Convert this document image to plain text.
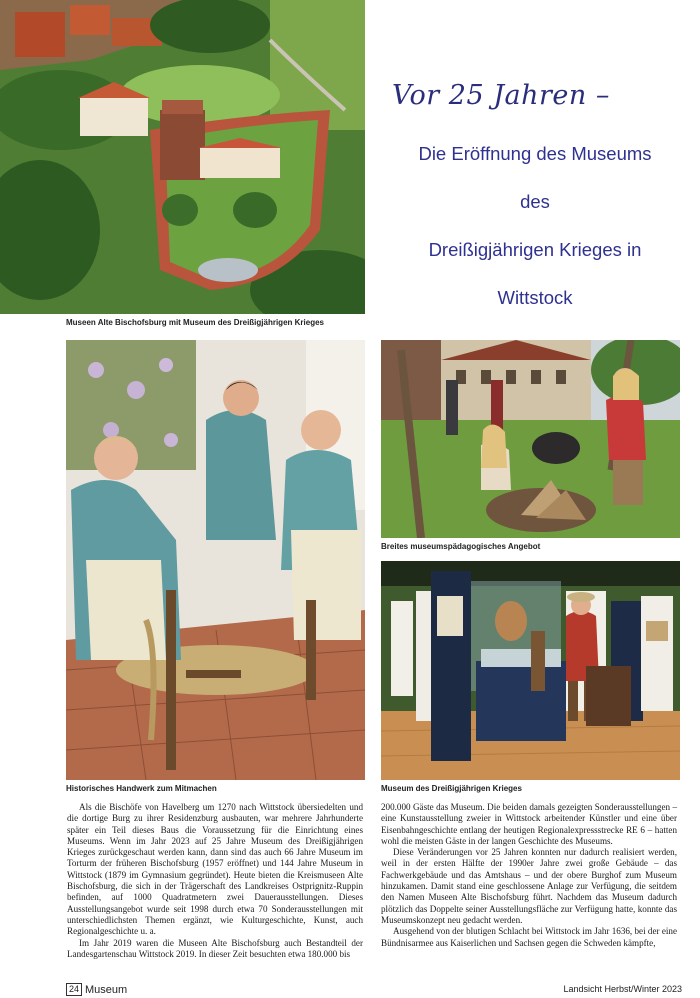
Museen Alte Bischofsburg mit Museum des Dreißigjährigen Krieges
Vor 25 Jahren –
Die Eröffnung des Museums
des
Dreißigjährigen Krieges in
Wittstock
Historisches Handwerk zum Mitmachen
Breites museumspädagogisches Angebot
Museum des Dreißigjährigen Krieges

Als die Bischöfe von Havelberg um 1270 nach Wittstock übersiedelten und die dortige Burg zu ihrer Residenzburg ausbauten, war mehrere Jahrhunderte später ein Teil dieses Baus die Voraussetzung für die Einrichtung eines Museums. Wenn im Jahr 2023 auf 25 Jahre Museum des Dreißigjährigen Krieges zurückgeschaut werden kann, dann sind das auch 66 Jahre Museum im Torturm der früheren Bischofsburg (1957 eröffnet) und 144 Jahre Museum in Wittstock (1879 im Gymnasium gegründet). Heute bieten die Kreismuseen Alte Bischofsburg, die sich in der Trägerschaft des Landkreises Ostprignitz-Ruppin befinden, auf 1000 Quadratmetern zwei Dauerausstellungen. Dieses Ausstellungsangebot wurde seit 1998 durch etwa 70 Sonderausstellungen mit unterschiedlichsten Themen ergänzt, wie Kulturgeschichte, Kunst, auch Regionalgeschichte u. a.

Im Jahr 2019 waren die Museen Alte Bischofsburg auch Bestandteil der Landesgartenschau Wittstock 2019. In dieser Zeit besuchten etwa 180.000 bis

200.000 Gäste das Museum. Die beiden damals gezeigten Sonderausstellungen – eine Kunstausstellung zweier in Wittstock arbeitender Künstler und eine über Eisenbahngeschichte entlang der heutigen Regionalexpressstrecke RE 6 – hatten wohl die meisten Gäste in der langen Geschichte des Museums.

Diese Veränderungen vor 25 Jahren konnten nur dadurch realisiert werden, weil in der ersten Hälfte der 1990er Jahre zwei große Gebäude – das Fachwerkgebäude und das Amtshaus – und der obere Burghof zum Museum hinzukamen. Damit stand eine geschlossene Anlage zur Verfügung, die seitdem den Namen Museen Alte Bischofsburg führt. Nachdem das Museum dadurch plötzlich das Doppelte seiner Ausstellungsfläche zur Verfügung hatte, konnte das Museumskonzept neu gedacht werden.

Ausgehend von der blutigen Schlacht bei Wittstock im Jahr 1636, bei der eine Bündnisarmee aus Kaiserlichen und Sachsen gegen die Schweden kämpfte,

24 Museum	Landsicht Herbst/Winter 2023
